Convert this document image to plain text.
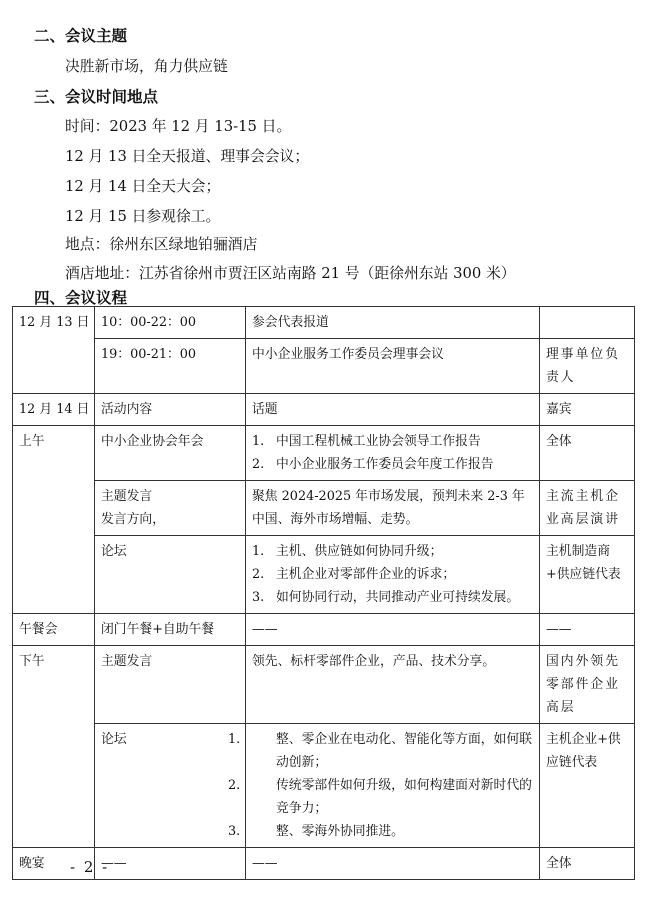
二、会议主题
决胜新市场，角力供应链
三、会议时间地点
时间：2023 年 12 月 13-15 日。
12 月 13 日全天报道、理事会会议；
12 月 14 日全天大会；
12 月 15 日参观徐工。
地点：徐州东区绿地铂骊酒店
酒店地址：江苏省徐州市贾汪区站南路 21 号（距徐州东站 300 米）
四、会议议程
12 月 13 日	10：00-22：00	参会代表报道	

	19：00-21：00	中小企业服务工作委员会理事会议	理事单位负责人

12 月 14 日	活动内容	话题	嘉宾

上午	中小企业协会年会	1. 中国工程机械工业协会领导工作报告
2. 中小企业服务工作委员会年度工作报告	全体

	主题发言
发言方向，	聚焦 2024-2025 年市场发展，预判未来 2-3 年中国、海外市场增幅、走势。	主流主机企业高层演讲

	论坛	1. 主机、供应链如何协同升级；
2. 主机企业对零部件企业的诉求；
3. 如何协同行动，共同推动产业可持续发展。	主机制造商+供应链代表

午餐会	闭门午餐+自助午餐	——	——

下午	主题发言	领先、标杆零部件企业，产品、技术分享。	国内外领先零部件企业高层

	论坛	1. 整、零企业在电动化、智能化等方面，如何联动创新；
2. 传统零部件如何升级，如何构建面对新时代的竞争力；
3. 整、零海外协同推进。	主机企业+供应链代表

晚宴	——	——	全体
- 2 -
